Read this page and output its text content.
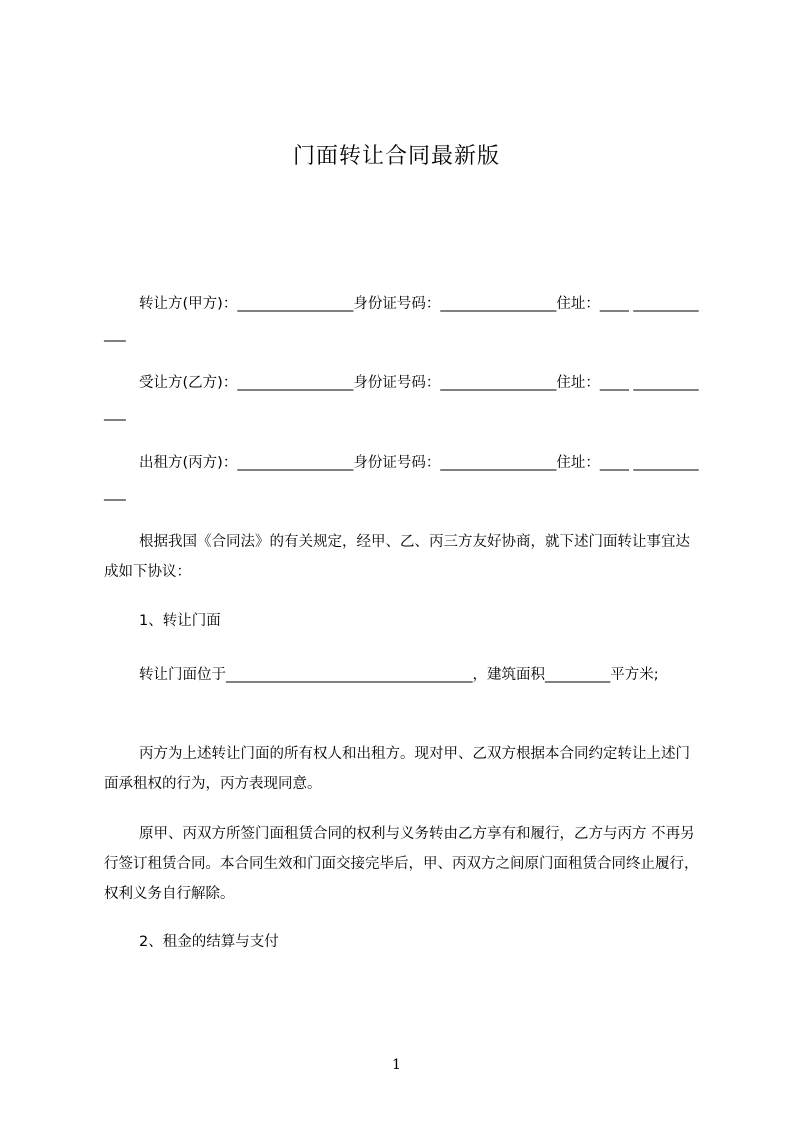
门面转让合同最新版
转让方(甲方)：________________身份证号码：________________住址：____ ____________
受让方(乙方)：________________身份证号码：________________住址：____ ____________
出租方(丙方)：________________身份证号码：________________住址：____ ____________
根据我国《合同法》的有关规定，经甲、乙、丙三方友好协商，就下述门面转让事宜达成如下协议：
1、转让门面
转让门面位于__________________________________，建筑面积_________平方米;
丙方为上述转让门面的所有权人和出租方。现对甲、乙双方根据本合同约定转让上述门面承租权的行为，丙方表现同意。
原甲、丙双方所签门面租赁合同的权利与义务转由乙方享有和履行，乙方与丙方 不再另行签订租赁合同。本合同生效和门面交接完毕后，甲、丙双方之间原门面租赁合同终止履行，权利义务自行解除。
2、租金的结算与支付
1
